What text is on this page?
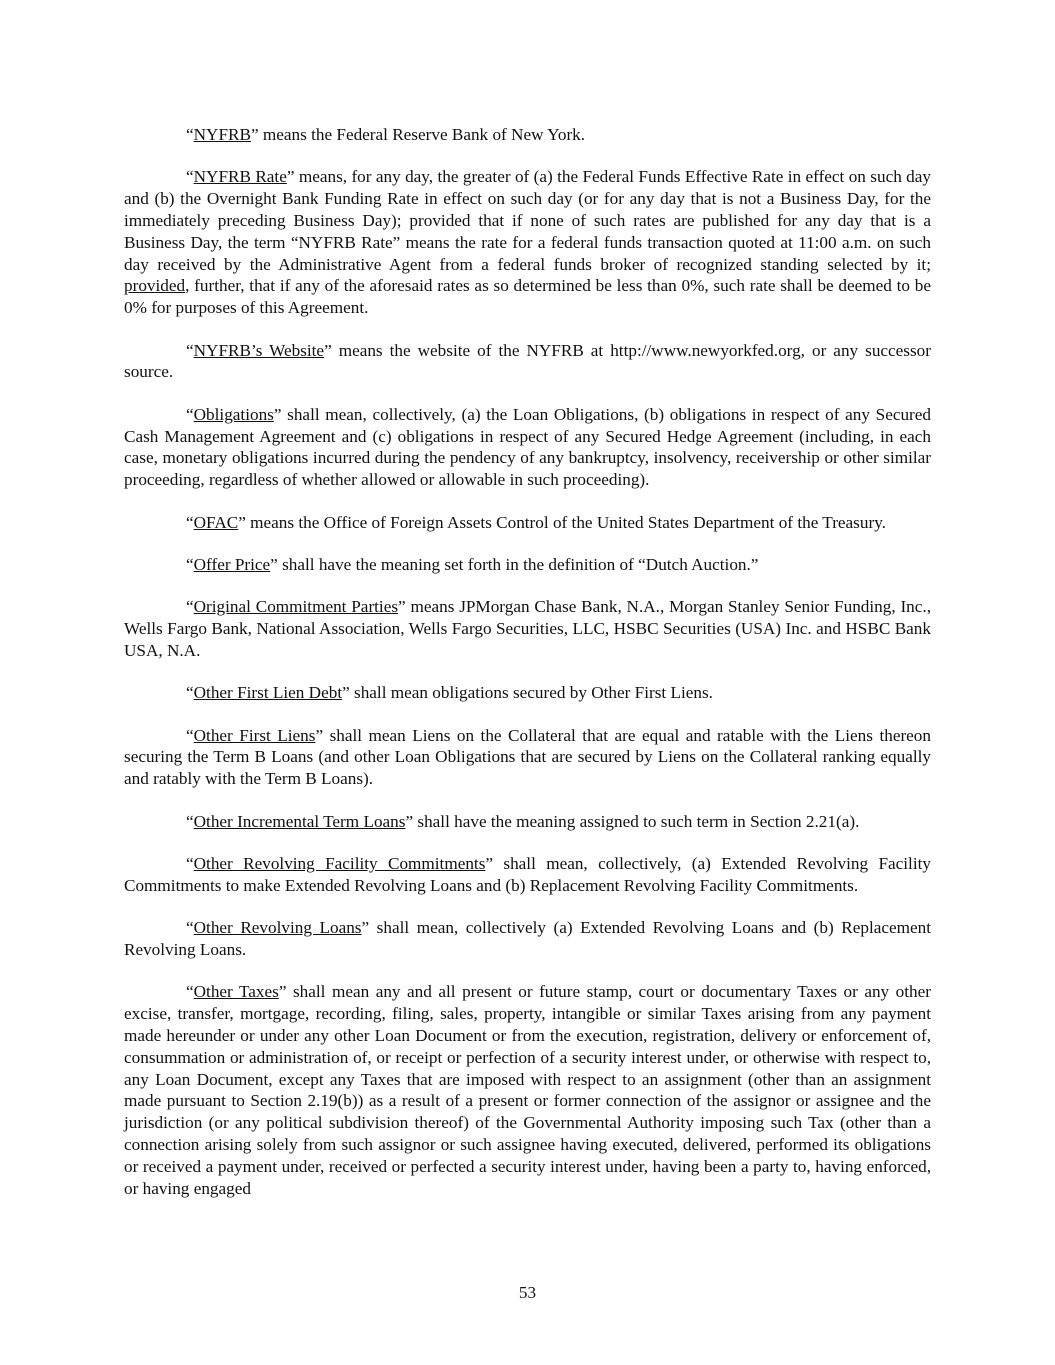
“NYFRB” means the Federal Reserve Bank of New York.

“NYFRB Rate” means, for any day, the greater of (a) the Federal Funds Effective Rate in effect on such day and (b) the Overnight Bank Funding Rate in effect on such day (or for any day that is not a Business Day, for the immediately preceding Business Day); provided that if none of such rates are published for any day that is a Business Day, the term “NYFRB Rate” means the rate for a federal funds transaction quoted at 11:00 a.m. on such day received by the Administrative Agent from a federal funds broker of recognized standing selected by it; provided, further, that if any of the aforesaid rates as so determined be less than 0%, such rate shall be deemed to be 0% for purposes of this Agreement.

“NYFRB’s Website” means the website of the NYFRB at http://www.newyorkfed.org, or any successor source.

“Obligations” shall mean, collectively, (a) the Loan Obligations, (b) obligations in respect of any Secured Cash Management Agreement and (c) obligations in respect of any Secured Hedge Agreement (including, in each case, monetary obligations incurred during the pendency of any bankruptcy, insolvency, receivership or other similar proceeding, regardless of whether allowed or allowable in such proceeding).

“OFAC” means the Office of Foreign Assets Control of the United States Department of the Treasury.

“Offer Price” shall have the meaning set forth in the definition of “Dutch Auction.”

“Original Commitment Parties” means JPMorgan Chase Bank, N.A., Morgan Stanley Senior Funding, Inc., Wells Fargo Bank, National Association, Wells Fargo Securities, LLC, HSBC Securities (USA) Inc. and HSBC Bank USA, N.A.

“Other First Lien Debt” shall mean obligations secured by Other First Liens.

“Other First Liens” shall mean Liens on the Collateral that are equal and ratable with the Liens thereon securing the Term B Loans (and other Loan Obligations that are secured by Liens on the Collateral ranking equally and ratably with the Term B Loans).

“Other Incremental Term Loans” shall have the meaning assigned to such term in Section 2.21(a).

“Other Revolving Facility Commitments” shall mean, collectively, (a) Extended Revolving Facility Commitments to make Extended Revolving Loans and (b) Replacement Revolving Facility Commitments.

“Other Revolving Loans” shall mean, collectively (a) Extended Revolving Loans and (b) Replacement Revolving Loans.

“Other Taxes” shall mean any and all present or future stamp, court or documentary Taxes or any other excise, transfer, mortgage, recording, filing, sales, property, intangible or similar Taxes arising from any payment made hereunder or under any other Loan Document or from the execution, registration, delivery or enforcement of, consummation or administration of, or receipt or perfection of a security interest under, or otherwise with respect to, any Loan Document, except any Taxes that are imposed with respect to an assignment (other than an assignment made pursuant to Section 2.19(b)) as a result of a present or former connection of the assignor or assignee and the jurisdiction (or any political subdivision thereof) of the Governmental Authority imposing such Tax (other than a connection arising solely from such assignor or such assignee having executed, delivered, performed its obligations or received a payment under, received or perfected a security interest under, having been a party to, having enforced, or having engaged

53
